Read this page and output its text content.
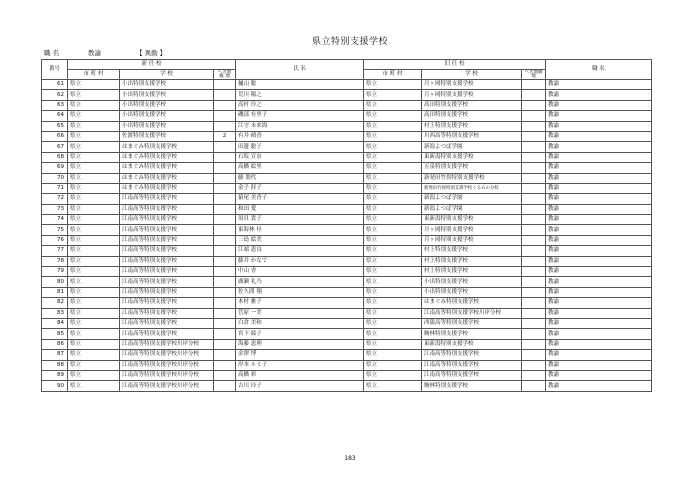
県立特別支援学校
職 名	教諭	【 異動 】
番号	新 任 校			氏 名	旧 任 校			職 名
	市 町 村	学 校	へき地級 地		市 町 村	学 校	へき地級 地	
61	県立	小出特別支援学校		樋山 聡	県立	月ヶ岡特別支援学校		教諭
62	県立	小出特別支援学校		荒川 陽之	県立	月ヶ岡特別支援学校		教諭
63	県立	小出特別支援学校		高村 玲之	県立	高田特別支援学校		教諭
64	県立	小出特別支援学校		磯部 有里子	県立	高田特別支援学校		教諭
65	県立	小出特別支援学校		江守 未来海	県立	村上特別支援学校		教諭
66	県立	佐渡特別支援学校	2	有井 晴香	県立	川西高等特別支援学校		教諭
67	県立	はまぐみ特別支援学校		田邊 聡子	県立	新潟よつば学園		教諭
68	県立	はまぐみ特別支援学校		石坂 宣奈	県立	東新潟特別支援学校		教諭
69	県立	はまぐみ特別支援学校		高橋 絵里	県立	五泉特別支援学校		教諭
70	県立	はまぐみ特別支援学校		藤 朋代	県立	新発田竹俣特別支援学校		教諭
71	県立	はまぐみ特別支援学校		金子 涯子	県立	新発田竹俣特別支援学校くるみの分校		教諭
72	県立	江南高等特別支援学校		猿尾 美香子	県立	新潟よつば学園		教諭
73	県立	江南高等特別支援学校		和田 愛	県立	新潟よつば学園		教諭
74	県立	江南高等特別支援学校		須貝 貴子	県立	東新潟特別支援学校		教諭
75	県立	江南高等特別支援学校		東海林 径	県立	月ヶ岡特別支援学校		教諭
76	県立	江南高等特別支援学校		三島 絵美	県立	月ヶ岡特別支援学校		教諭
77	県立	江南高等特別支援学校		江端 恵良	県立	村上特別支援学校		教諭
78	県立	江南高等特別支援学校		藤井 かなで	県立	村上特別支援学校		教諭
79	県立	江南高等特別支援学校		中山 香	県立	村上特別支援学校		教諭
80	県立	江南高等特別支援学校		廣瀬 礼乃	県立	小出特別支援学校		教諭
81	県立	江南高等特別支援学校		佐久間 翔	県立	小出特別支援学校		教諭
82	県立	江南高等特別支援学校		木村 雅子	県立	はまぐみ特別支援学校		教諭
83	県立	江南高等特別支援学校		菅原 一美	県立	江南高等特別支援学校川岸分校		教諭
84	県立	江南高等特別支援学校		白倉 美和	県立	西蒲高等特別支援学校		教諭
85	県立	江南高等特別支援学校		宮下 綾子	県立	駒林特別支援学校		教諭
86	県立	江南高等特別支援学校川岸分校		海藤 恵理	県立	東新潟特別支援学校		教諭
87	県立	江南高等特別支援学校川岸分校		金澤 博	県立	江南高等特別支援学校		教諭
88	県立	江南高等特別支援学校川岸分校		岸本 ルミ子	県立	江南高等特別支援学校		教諭
89	県立	江南高等特別支援学校川岸分校		高橋 彩	県立	江南高等特別支援学校		教諭
90	県立	江南高等特別支援学校川岸分校		吉川 玲子	県立	駒林特別支援学校		教諭
183
